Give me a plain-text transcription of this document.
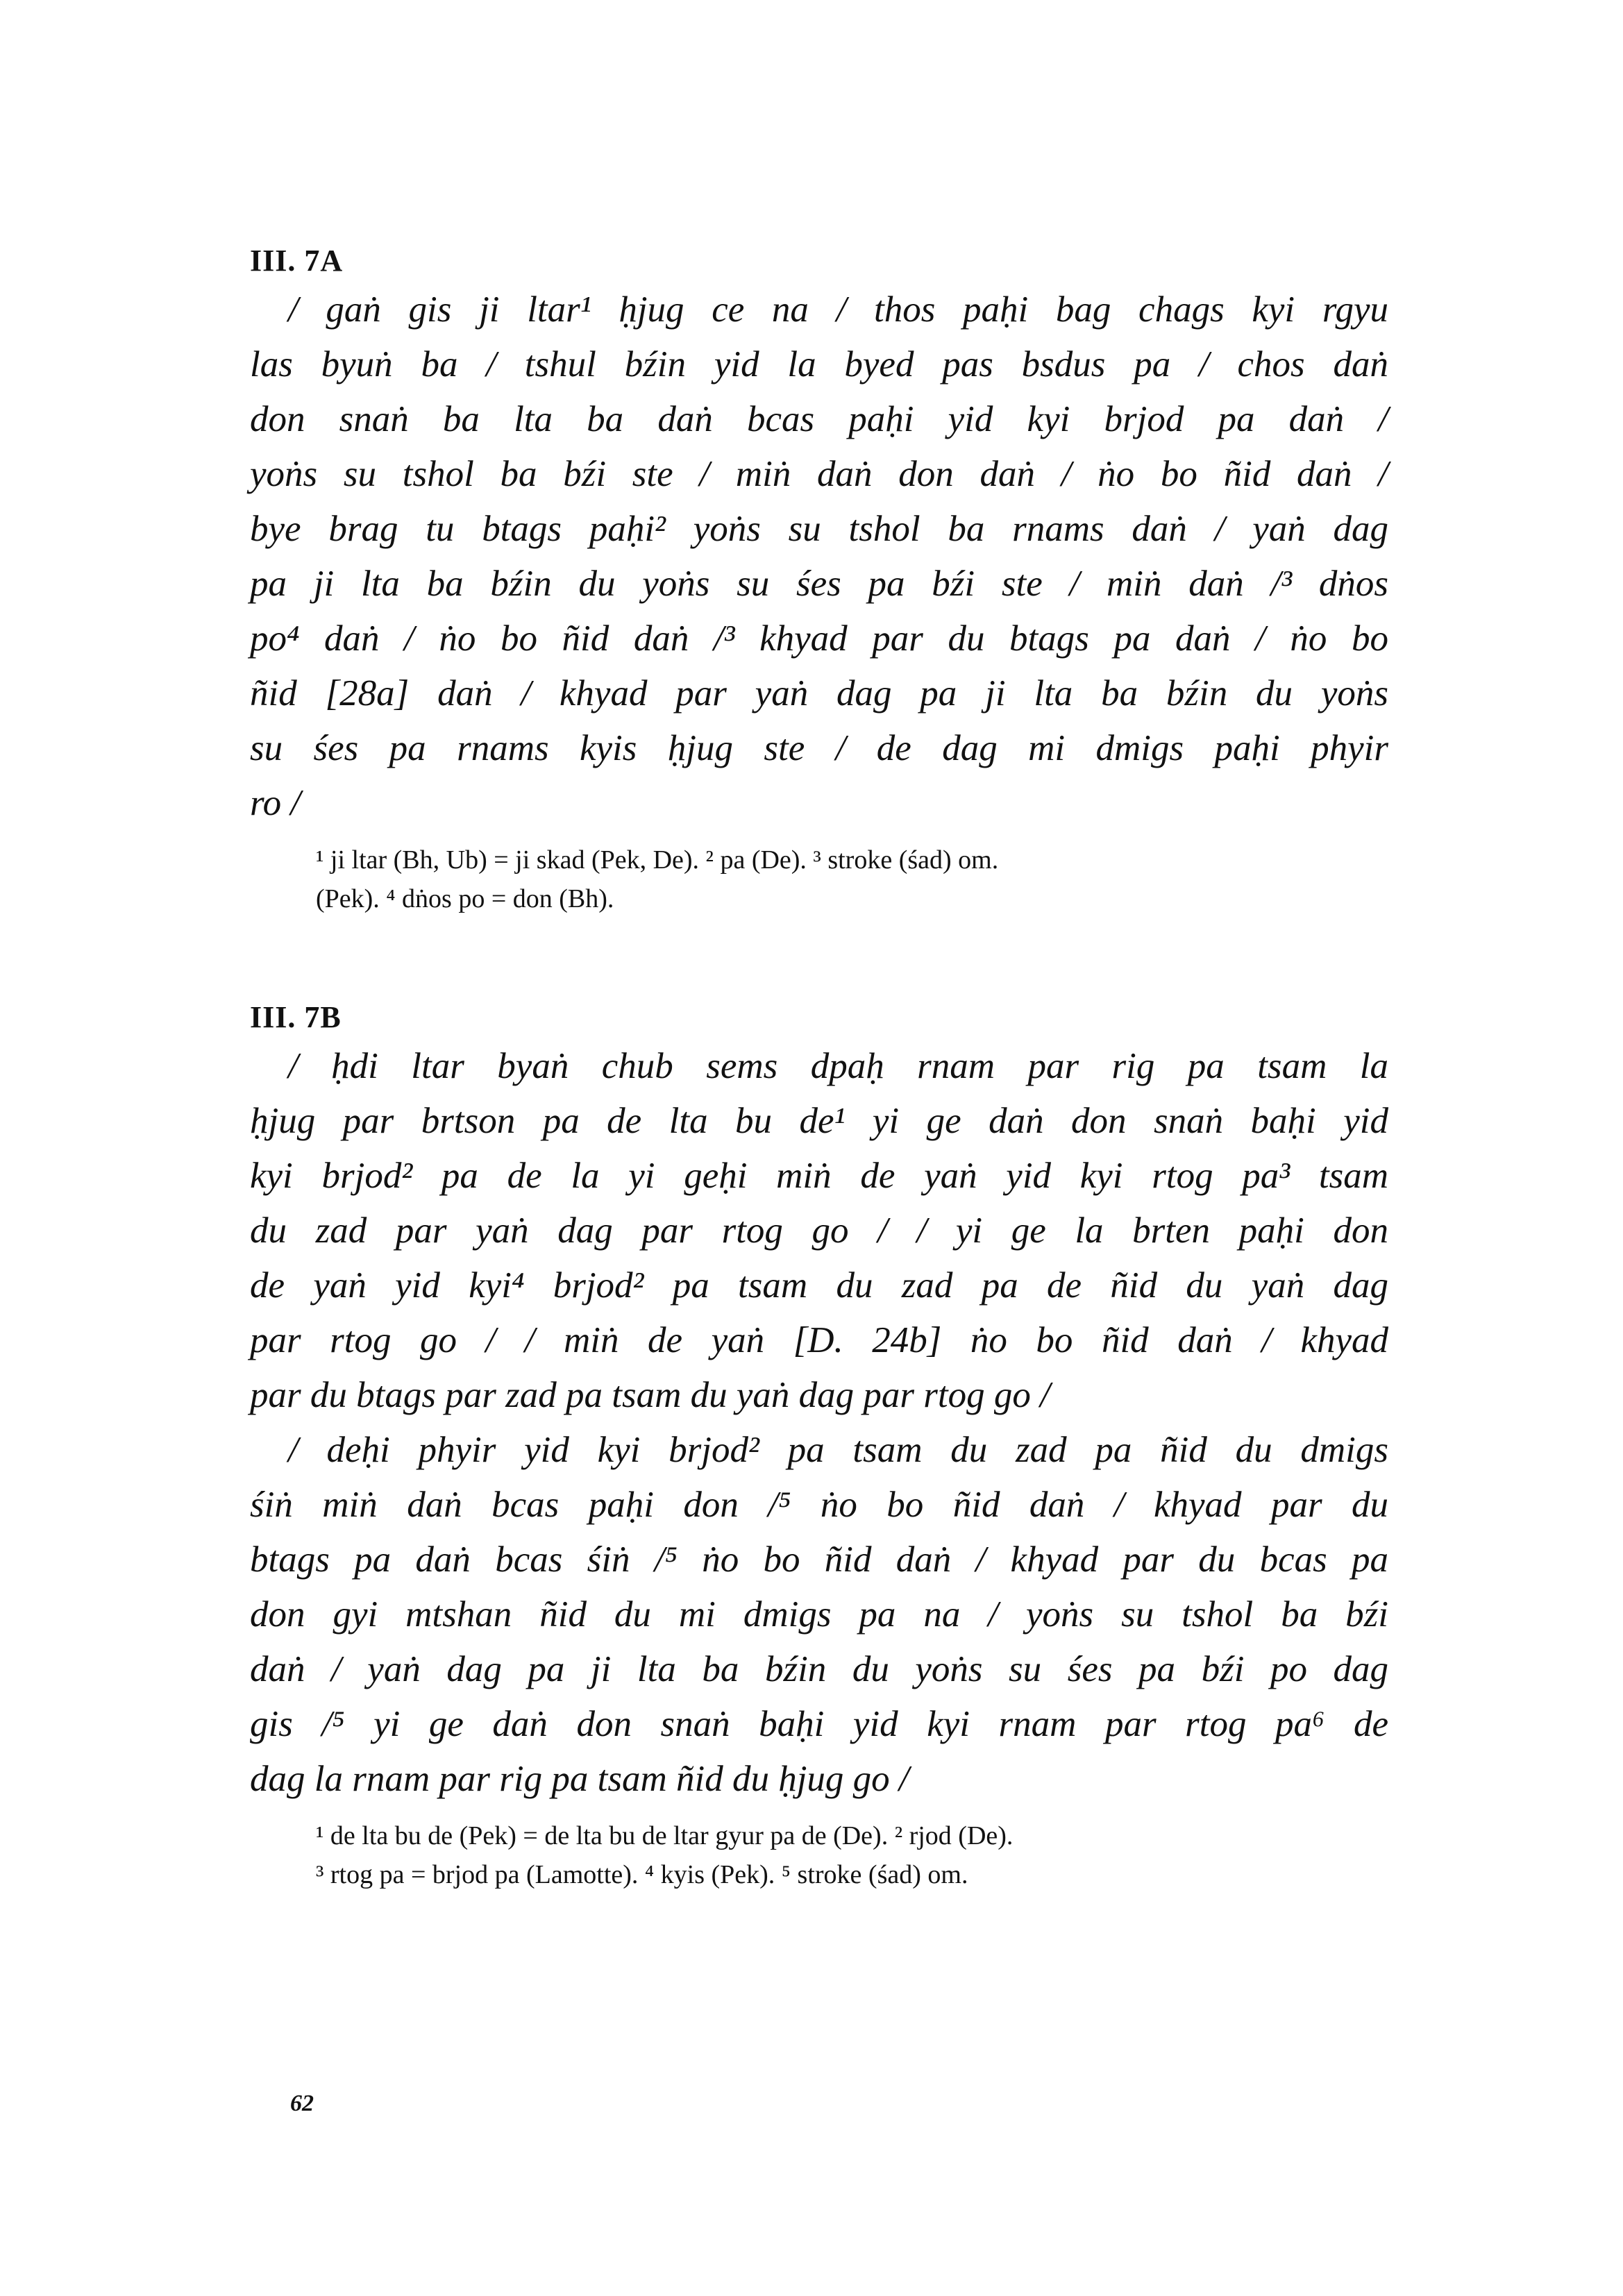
III. 7A
/ gaṅ gis ji ltar¹ ḥjug ce na / thos paḥi bag chags kyi rgyu
las byuṅ ba / tshul bźin yid la byed pas bsdus pa / chos daṅ
don snaṅ ba lta ba daṅ bcas paḥi yid kyi brjod pa daṅ /
yoṅs su tshol ba bźi ste / miṅ daṅ don daṅ / ṅo bo ñid daṅ /
bye brag tu btags paḥi² yoṅs su tshol ba rnams daṅ / yaṅ dag
pa ji lta ba bźin du yoṅs su śes pa bźi ste / miṅ daṅ /³ dṅos
po⁴ daṅ / ṅo bo ñid daṅ /³ khyad par du btags pa daṅ / ṅo bo
ñid [28a] daṅ / khyad par yaṅ dag pa ji lta ba bźin du yoṅs
su śes pa rnams kyis ḥjug ste / de dag mi dmigs paḥi phyir
ro /
¹ ji ltar (Bh, Ub) = ji skad (Pek, De). ² pa (De). ³ stroke (śad) om.
(Pek). ⁴ dṅos po = don (Bh).
III. 7B
/ ḥdi ltar byaṅ chub sems dpaḥ rnam par rig pa tsam la
ḥjug par brtson pa de lta bu de¹ yi ge daṅ don snaṅ baḥi yid
kyi brjod² pa de la yi geḥi miṅ de yaṅ yid kyi rtog pa³ tsam
du zad par yaṅ dag par rtog go / / yi ge la brten paḥi don
de yaṅ yid kyi⁴ brjod² pa tsam du zad pa de ñid du yaṅ dag
par rtog go / / miṅ de yaṅ [D. 24b] ṅo bo ñid daṅ / khyad
par du btags par zad pa tsam du yaṅ dag par rtog go /
/ deḥi phyir yid kyi brjod² pa tsam du zad pa ñid du dmigs
śiṅ miṅ daṅ bcas paḥi don /⁵ ṅo bo ñid daṅ / khyad par du
btags pa daṅ bcas śiṅ /⁵ ṅo bo ñid daṅ / khyad par du bcas pa
don gyi mtshan ñid du mi dmigs pa na / yoṅs su tshol ba bźi
daṅ / yaṅ dag pa ji lta ba bźin du yoṅs su śes pa bźi po dag
gis /⁵ yi ge daṅ don snaṅ baḥi yid kyi rnam par rtog pa⁶ de
dag la rnam par rig pa tsam ñid du ḥjug go /
¹ de lta bu de (Pek) = de lta bu de ltar gyur pa de (De). ² rjod (De).
³ rtog pa = brjod pa (Lamotte). ⁴ kyis (Pek). ⁵ stroke (śad) om.
62
